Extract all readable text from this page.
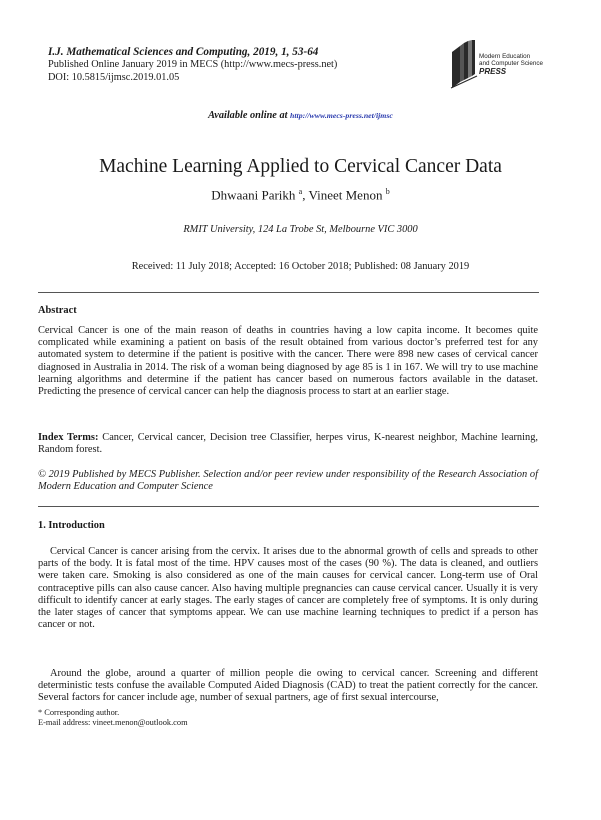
I.J. Mathematical Sciences and Computing, 2019, 1, 53-64
Published Online January 2019 in MECS (http://www.mecs-press.net)
DOI: 10.5815/ijmsc.2019.01.05
Modern Education
and Computer Science
PRESS
Available online at http://www.mecs-press.net/ijmsc
Machine Learning Applied to Cervical Cancer Data
Dhwaani Parikh $^a$, Vineet Menon $^b$
RMIT University, 124 La Trobe St, Melbourne VIC 3000
Received: 11 July 2018; Accepted: 16 October 2018; Published: 08 January 2019
Abstract
Cervical Cancer is one of the main reason of deaths in countries having a low capita income. It becomes quite complicated while examining a patient on basis of the result obtained from various doctor’s preferred test for any automated system to determine if the patient is positive with the cancer. There were 898 new cases of cervical cancer diagnosed in Australia in 2014. The risk of a woman being diagnosed by age 85 is 1 in 167. We will try to use machine learning algorithms and determine if the patient has cancer based on numerous factors available in the dataset. Predicting the presence of cervical cancer can help the diagnosis process to start at an earlier stage.
Index Terms: Cancer, Cervical cancer, Decision tree Classifier, herpes virus, K-nearest neighbor, Machine learning, Random forest.
© 2019 Published by MECS Publisher. Selection and/or peer review under responsibility of the Research Association of Modern Education and Computer Science
1. Introduction
Cervical Cancer is cancer arising from the cervix. It arises due to the abnormal growth of cells and spreads to other parts of the body. It is fatal most of the time. HPV causes most of the cases (90 %). The data is cleaned, and outliers were taken care. Smoking is also considered as one of the main causes for cervical cancer. Long-term use of Oral contraceptive pills can also cause cancer. Also having multiple pregnancies can cause cervical cancer. Usually it is very difficult to identify cancer at early stages. The early stages of cancer are completely free of symptoms. It is only during the later stages of cancer that symptoms appear. We can use machine learning techniques to predict if a person has cancer or not.
Around the globe, around a quarter of million people die owing to cervical cancer. Screening and different deterministic tests confuse the available Computed Aided Diagnosis (CAD) to treat the patient correctly for the cancer. Several factors for cancer include age, number of sexual partners, age of first sexual intercourse,
* Corresponding author.
E-mail address: vineet.menon@outlook.com
